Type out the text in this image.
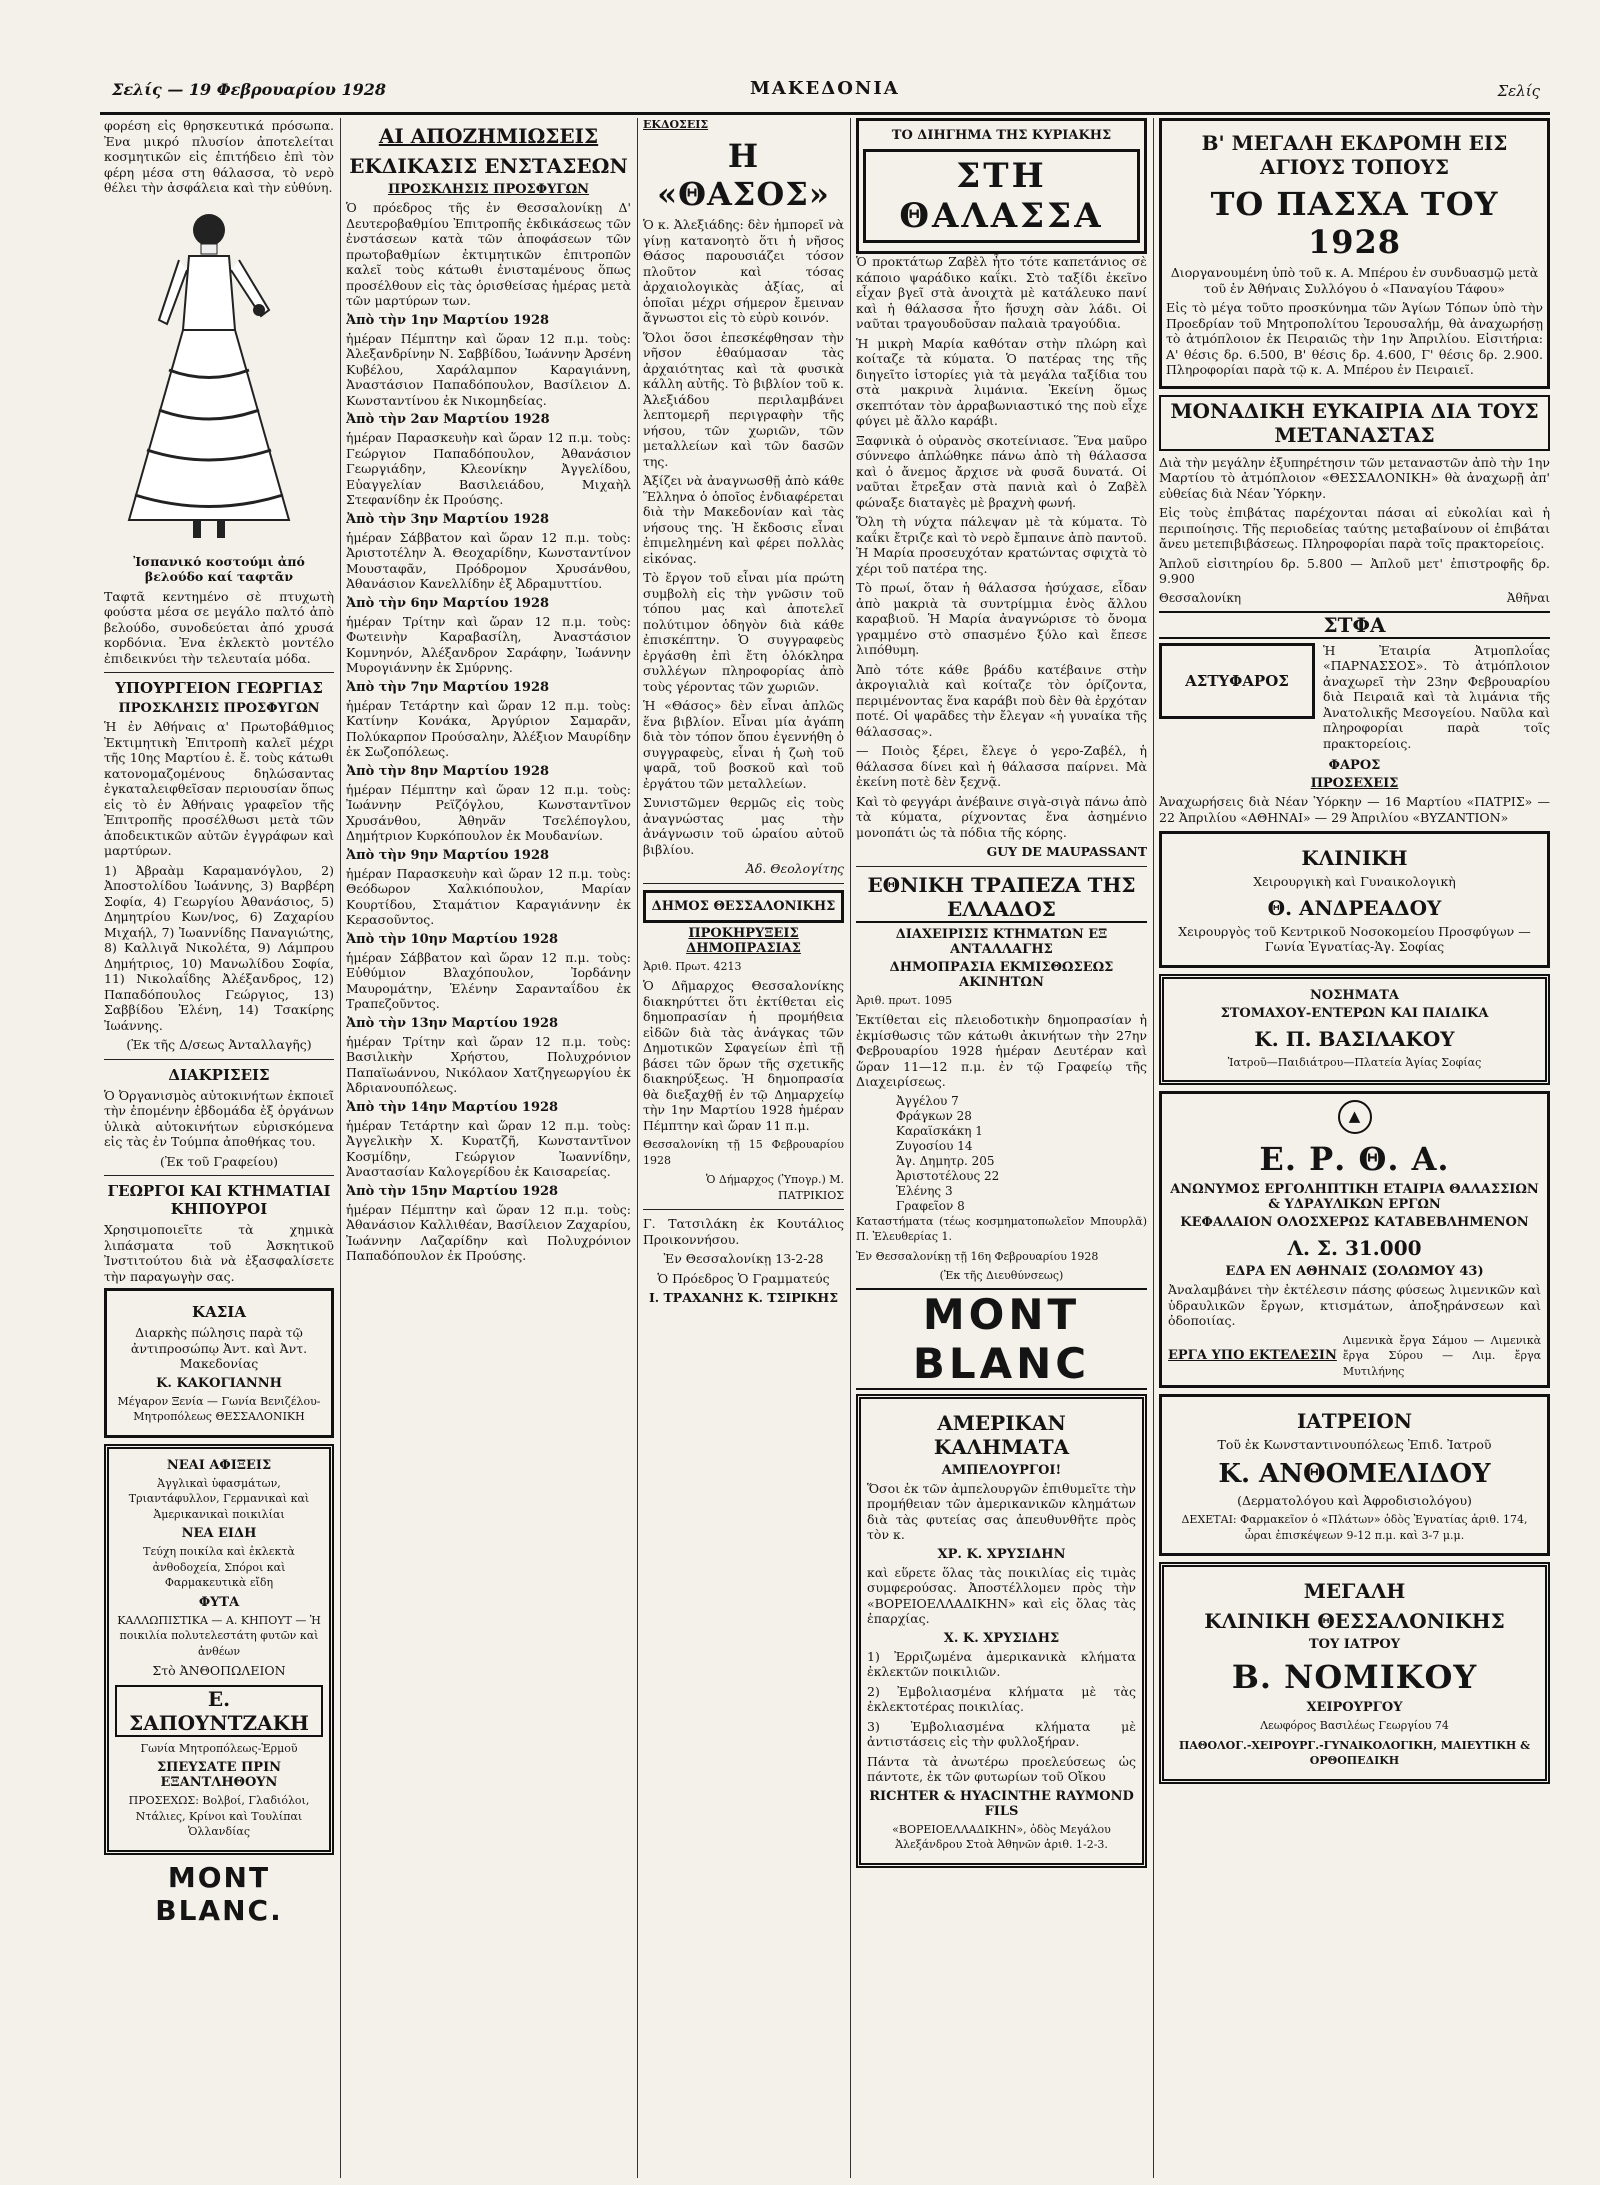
Σελίς — 19 Φεβρουαρίου 1928	ΜΑΚΕΔΟΝΙΑ	Σελίς

φορέση εἰς θρησκευτικά πρόσωπα. Ἐνα μικρό πλυσίον ἀποτελείται κοσμητικῶν εἰς ἐπιτήδειο ἐπὶ τὸν φέρη μέσα στη θάλασσα, τὸ νερὸ θέλει τὴν ἀσφάλεια καὶ τὴν εὐθύνη.

Ἰσπανικό κοστούμι ἀπό βελούδο καί ταφτᾶν

Ταφτᾶ κεντημένο σὲ πτυχωτὴ φούστα μέσα σε μεγάλο παλτό ἀπὸ βελούδο, συνοδεύεται ἀπό χρυσά κορδόνια. Ἐνα ἐκλεκτὸ μοντέλο ἐπιδεικνύει τὴν τελευταία μόδα.

ΥΠΟΥΡΓΕΙΟΝ ΓΕΩΡΓΙΑΣ
ΠΡΟΣΚΛΗΣΙΣ ΠΡΟΣΦΥΓΩΝ

Ἡ ἐν Ἀθήναις α' Πρωτοβάθμιος Ἐκτιμητικὴ Ἐπιτροπὴ καλεῖ μέχρι τῆς 10ης Μαρτίου ἐ. ἔ. τοὺς κάτωθι κατονομαζομένους δηλώσαντας ἐγκαταλειφθεῖσαν περιουσίαν ὅπως εἰς τὸ ἐν Ἀθήναις γραφεῖον τῆς Ἐπιτροπῆς προσέλθωσι μετὰ τῶν ἀποδεικτικῶν αὐτῶν ἐγγράφων καὶ μαρτύρων.

1) Ἀβραὰμ Καραμανόγλου, 2) Ἀποστολίδου Ἰωάννης, 3) Βαρβέρη Σοφία, 4) Γεωργίου Ἀθανάσιος, 5) Δημητρίου Κων/νος, 6) Ζαχαρίου Μιχαήλ, 7) Ἰωαννίδης Παναγιώτης, 8) Καλλιγᾶ Νικολέτα, 9) Λάμπρου Δημήτριος, 10) Μανωλίδου Σοφία, 11) Νικολαΐδης Ἀλέξανδρος, 12) Παπαδόπουλος Γεώργιος, 13) Σαββίδου Ἑλένη, 14) Τσακίρης Ἰωάννης.

(Ἐκ τῆς Δ/σεως Ἀνταλλαγῆς)

ΔΙΑΚΡΙΣΕΙΣ

Ὁ Ὀργανισμὸς αὐτοκινήτων ἐκποιεῖ τὴν ἐπομένην ἐβδομάδα ἐξ ὀργάνων ὑλικὰ αὐτοκινήτων εὑρισκόμενα εἰς τὰς ἐν Τούμπα ἀποθήκας του.

(Ἐκ τοῦ Γραφείου)

ΓΕΩΡΓΟΙ ΚΑΙ ΚΤΗΜΑΤΙΑΙ ΚΗΠΟΥΡΟΙ

Χρησιμοποιεῖτε τὰ χημικὰ λιπάσματα τοῦ Ἀσκητικοῦ Ἰνστιτούτου διὰ νὰ ἐξασφαλίσετε τὴν παραγωγὴν σας.

ΚΑΣΙΑ

Διαρκὴς πώλησις παρὰ τῷ ἀντιπροσώπῳ Ἀντ. καὶ Ἀντ. Μακεδονίας

Κ. ΚΑΚΟΓΙΑΝΝΗ

Μέγαρον Ξενία — Γωνία Βενιζέλου-Μητροπόλεως ΘΕΣΣΑΛΟΝΙΚΗ

ΝΕΑΙ ΑΦΙΞΕΙΣ

Ἀγγλικαὶ ὑφασμάτων, Τριαντάφυλλον, Γερμανικαὶ καὶ Ἀμερικανικαὶ ποικιλίαι

ΝΕΑ ΕΙΔΗ

Τεύχη ποικίλα καὶ ἐκλεκτὰ ἀνθοδοχεία, Σπόροι καὶ Φαρμακευτικὰ εἴδη

ΦΥΤΑ

ΚΑΛΛΩΠΙΣΤΙΚΑ — Α. ΚΗΠΟΥΤ — Ἡ ποικιλία πολυτελεστάτη φυτῶν καὶ ἀνθέων

Στὸ ἈΝΘΟΠΩΛΕΙΟΝ

Ε. ΣΑΠΟΥΝΤΖΑΚΗ

Γωνία Μητροπόλεως-Ἑρμοῦ

ΣΠΕΥΣΑΤΕ ΠΡΙΝ ΕΞΑΝΤΛΗΘΟΥΝ

ΠΡΟΣΕΧΩΣ: Βολβοί, Γλαδιόλοι, Ντάλιες, Κρίνοι καὶ Τουλίπαι Ὁλλανδίας

MONT BLANC.
ΑΙ ΑΠΟΖΗΜΙΩΣΕΙΣ
ΕΚΔΙΚΑΣΙΣ ΕΝΣΤΑΣΕΩΝ
ΠΡΟΣΚΛΗΣΙΣ ΠΡΟΣΦΥΓΩΝ

Ὁ πρόεδρος τῆς ἐν Θεσσαλονίκῃ Δ' Δευτεροβαθμίου Ἐπιτροπῆς ἐκδικάσεως τῶν ἐνστάσεων κατὰ τῶν ἀποφάσεων τῶν πρωτοβαθμίων ἐκτιμητικῶν ἐπιτροπῶν καλεῖ τοὺς κάτωθι ἐνισταμένους ὅπως προσέλθουν εἰς τὰς ὁρισθείσας ἡμέρας μετὰ τῶν μαρτύρων των.

Ἀπὸ τὴν 1ην Μαρτίου 1928

ἡμέραν Πέμπτην καὶ ὥραν 12 π.μ. τοὺς: Ἀλεξανδρίνην Ν. Σαββίδου, Ἰωάννην Ἀρσένη Κυβέλου, Χαράλαμπον Καραγιάννη, Ἀναστάσιον Παπαδόπουλον, Βασίλειον Δ. Κωνσταντίνου ἐκ Νικομηδείας.

Ἀπὸ τὴν 2αν Μαρτίου 1928

ἡμέραν Παρασκευὴν καὶ ὥραν 12 π.μ. τοὺς: Γεώργιον Παπαδόπουλον, Ἀθανάσιον Γεωργιάδην, Κλεονίκην Ἀγγελίδου, Εὐαγγελίαν Βασιλειάδου, Μιχαὴλ Στεφανίδην ἐκ Προύσης.

Ἀπὸ τὴν 3ην Μαρτίου 1928

ἡμέραν Σάββατον καὶ ὥραν 12 π.μ. τοὺς: Ἀριστοτέλην Ἀ. Θεοχαρίδην, Κωνσταντίνον Μουσταφᾶν, Πρόδρομον Χρυσάνθου, Ἀθανάσιον Κανελλίδην ἐξ Ἀδραμυττίου.

Ἀπὸ τὴν 6ην Μαρτίου 1928

ἡμέραν Τρίτην καὶ ὥραν 12 π.μ. τοὺς: Φωτεινὴν Καραβασίλη, Ἀναστάσιον Κομνηνόν, Ἀλέξανδρον Σαράφην, Ἰωάννην Μυρογιάννην ἐκ Σμύρνης.

Ἀπὸ τὴν 7ην Μαρτίου 1928

ἡμέραν Τετάρτην καὶ ὥραν 12 π.μ. τοὺς: Κατίνην Κονάκα, Ἀργύριον Σαμαρᾶν, Πολύκαρπον Προύσαλην, Ἀλέξιον Μαυρίδην ἐκ Σωζοπόλεως.

Ἀπὸ τὴν 8ην Μαρτίου 1928

ἡμέραν Πέμπτην καὶ ὥραν 12 π.μ. τοὺς: Ἰωάννην Ρεϊζόγλου, Κωνσταντῖνον Χρυσάνθου, Ἀθηνᾶν Τσελέπογλου, Δημήτριον Κυρκόπουλον ἐκ Μουδανίων.

Ἀπὸ τὴν 9ην Μαρτίου 1928

ἡμέραν Παρασκευὴν καὶ ὥραν 12 π.μ. τοὺς: Θεόδωρον Χαλκιόπουλον, Μαρίαν Κουρτίδου, Σταμάτιον Καραγιάννην ἐκ Κερασοῦντος.

Ἀπὸ τὴν 10ην Μαρτίου 1928

ἡμέραν Σάββατον καὶ ὥραν 12 π.μ. τοὺς: Εὐθύμιον Βλαχόπουλον, Ἰορδάνην Μαυρομάτην, Ἑλένην Σαρανταΐδου ἐκ Τραπεζοῦντος.

Ἀπὸ τὴν 13ην Μαρτίου 1928

ἡμέραν Τρίτην καὶ ὥραν 12 π.μ. τοὺς: Βασιλικὴν Χρήστου, Πολυχρόνιον Παπαϊωάννου, Νικόλαον Χατζηγεωργίου ἐκ Ἀδριανουπόλεως.

Ἀπὸ τὴν 14ην Μαρτίου 1928

ἡμέραν Τετάρτην καὶ ὥραν 12 π.μ. τοὺς: Ἀγγελικὴν Χ. Κυρατζῆ, Κωνσταντῖνον Κοσμίδην, Γεώργιον Ἰωαννίδην, Ἀναστασίαν Καλογερίδου ἐκ Καισαρείας.

Ἀπὸ τὴν 15ην Μαρτίου 1928

ἡμέραν Πέμπτην καὶ ὥραν 12 π.μ. τοὺς: Ἀθανάσιον Καλλιθέαν, Βασίλειον Ζαχαρίου, Ἰωάννην Λαζαρίδην καὶ Πολυχρόνιον Παπαδόπουλον ἐκ Προύσης.

ΕΚΔΟΣΕΙΣ
Η «ΘΑΣΟΣ»

Ὁ κ. Ἀλεξιάδης: δὲν ἠμπορεῖ νὰ γίνῃ κατανοητὸ ὅτι ἡ νῆσος Θάσος παρουσιάζει τόσον πλοῦτον καὶ τόσας ἀρχαιολογικὰς ἀξίας, αἱ ὁποῖαι μέχρι σήμερον ἔμειναν ἄγνωστοι εἰς τὸ εὐρὺ κοινόν.

Ὅλοι ὅσοι ἐπεσκέφθησαν τὴν νῆσον ἐθαύμασαν τὰς ἀρχαιότητας καὶ τὰ φυσικὰ κάλλη αὐτῆς. Τὸ βιβλίον τοῦ κ. Ἀλεξιάδου περιλαμβάνει λεπτομερῆ περιγραφὴν τῆς νήσου, τῶν χωριῶν, τῶν μεταλλείων καὶ τῶν δασῶν της.

Ἀξίζει νὰ ἀναγνωσθῇ ἀπὸ κάθε Ἕλληνα ὁ ὁποῖος ἐνδιαφέρεται διὰ τὴν Μακεδονίαν καὶ τὰς νήσους της. Ἡ ἔκδοσις εἶναι ἐπιμελημένη καὶ φέρει πολλὰς εἰκόνας.

Τὸ ἔργον τοῦ εἶναι μία πρώτη συμβολὴ εἰς τὴν γνῶσιν τοῦ τόπου μας καὶ ἀποτελεῖ πολύτιμον ὁδηγὸν διὰ κάθε ἐπισκέπτην. Ὁ συγγραφεὺς ἐργάσθη ἐπὶ ἔτη ὁλόκληρα συλλέγων πληροφορίας ἀπὸ τοὺς γέροντας τῶν χωριῶν.

Ἡ «Θάσος» δὲν εἶναι ἁπλῶς ἕνα βιβλίον. Εἶναι μία ἀγάπη διὰ τὸν τόπον ὅπου ἐγεννήθη ὁ συγγραφεὺς, εἶναι ἡ ζωὴ τοῦ ψαρᾶ, τοῦ βοσκοῦ καὶ τοῦ ἐργάτου τῶν μεταλλείων.

Συνιστῶμεν θερμῶς εἰς τοὺς ἀναγνώστας μας τὴν ἀνάγνωσιν τοῦ ὡραίου αὐτοῦ βιβλίου.

Ἀδ. Θεολογίτης

ΔΗΜΟΣ ΘΕΣΣΑΛΟΝΙΚΗΣ
ΠΡΟΚΗΡΥΞΕΙΣ ΔΗΜΟΠΡΑΣΙΑΣ

Ἀριθ. Πρωτ. 4213

Ὁ Δῆμαρχος Θεσσαλονίκης διακηρύττει ὅτι ἐκτίθεται εἰς δημοπρασίαν ἡ προμήθεια εἰδῶν διὰ τὰς ἀνάγκας τῶν Δημοτικῶν Σφαγείων ἐπὶ τῇ βάσει τῶν ὅρων τῆς σχετικῆς διακηρύξεως. Ἡ δημοπρασία θὰ διεξαχθῇ ἐν τῷ Δημαρχείῳ τὴν 1ην Μαρτίου 1928 ἡμέραν Πέμπτην καὶ ὥραν 11 π.μ.

Θεσσαλονίκη τῇ 15 Φεβρουαρίου 1928

Ὁ Δήμαρχος (Ὑπογρ.) Μ. ΠΑΤΡΙΚΙΟΣ

Γ. Τατσιλάκη ἐκ Κουτάλιος Προικοννήσου.

Ἐν Θεσσαλονίκῃ 13-2-28

Ὁ Πρόεδρος Ὁ Γραμματεύς

Ι. ΤΡΑΧΑΝΗΣ Κ. ΤΣΙΡΙΚΗΣ

ΤΟ ΔΙΗΓΗΜΑ ΤΗΣ ΚΥΡΙΑΚΗΣ
ΣΤΗ ΘΑΛΑΣΣΑ

Ὁ προκτάτωρ Ζαβὲλ ἦτο τότε καπετάνιος σὲ κάποιο ψαράδικο καΐκι. Στὸ ταξίδι ἐκεῖνο εἶχαν βγεῖ στὰ ἀνοιχτὰ μὲ κατάλευκο πανί καὶ ἡ θάλασσα ἦτο ἥσυχη σὰν λάδι. Οἱ ναῦται τραγουδοῦσαν παλαιὰ τραγούδια.

Ἡ μικρὴ Μαρία καθόταν στὴν πλώρη καὶ κοίταζε τὰ κύματα. Ὁ πατέρας της τῆς διηγεῖτο ἱστορίες γιὰ τὰ μεγάλα ταξίδια του στὰ μακρινὰ λιμάνια. Ἐκείνη ὅμως σκεπτόταν τὸν ἀρραβωνιαστικό της ποὺ εἶχε φύγει μὲ ἄλλο καράβι.

Ξαφνικὰ ὁ οὐρανὸς σκοτείνιασε. Ἕνα μαῦρο σύννεφο ἁπλώθηκε πάνω ἀπὸ τὴ θάλασσα καὶ ὁ ἄνεμος ἄρχισε νὰ φυσᾶ δυνατά. Οἱ ναῦται ἔτρεξαν στὰ πανιὰ καὶ ὁ Ζαβὲλ φώναξε διαταγὲς μὲ βραχνὴ φωνή.

Ὅλη τὴ νύχτα πάλεψαν μὲ τὰ κύματα. Τὸ καΐκι ἔτριζε καὶ τὸ νερὸ ἔμπαινε ἀπὸ παντοῦ. Ἡ Μαρία προσευχόταν κρατώντας σφιχτὰ τὸ χέρι τοῦ πατέρα της.

Τὸ πρωί, ὅταν ἡ θάλασσα ἡσύχασε, εἶδαν ἀπὸ μακριὰ τὰ συντρίμμια ἑνὸς ἄλλου καραβιοῦ. Ἡ Μαρία ἀναγνώρισε τὸ ὄνομα γραμμένο στὸ σπασμένο ξύλο καὶ ἔπεσε λιπόθυμη.

Ἀπὸ τότε κάθε βράδυ κατέβαινε στὴν ἀκρογιαλιὰ καὶ κοίταζε τὸν ὁρίζοντα, περιμένοντας ἕνα καράβι ποὺ δὲν θὰ ἐρχόταν ποτέ. Οἱ ψαρᾶδες τὴν ἔλεγαν «ἡ γυναίκα τῆς θάλασσας».

— Ποιὸς ξέρει, ἔλεγε ὁ γερο-Ζαβέλ, ἡ θάλασσα δίνει καὶ ἡ θάλασσα παίρνει. Μὰ ἐκείνη ποτὲ δὲν ξεχνᾷ.

Καὶ τὸ φεγγάρι ἀνέβαινε σιγὰ-σιγὰ πάνω ἀπὸ τὰ κύματα, ρίχνοντας ἕνα ἀσημένιο μονοπάτι ὡς τὰ πόδια τῆς κόρης.

GUY DE MAUPASSANT

ΕΘΝΙΚΗ ΤΡΑΠΕΖΑ ΤΗΣ ΕΛΛΑΔΟΣ
ΔΙΑΧΕΙΡΙΣΙΣ ΚΤΗΜΑΤΩΝ ΕΞ ΑΝΤΑΛΛΑΓΗΣ
ΔΗΜΟΠΡΑΣΙΑ ΕΚΜΙΣΘΩΣΕΩΣ ΑΚΙΝΗΤΩΝ

Ἀριθ. πρωτ. 1095

Ἐκτίθεται εἰς πλειοδοτικὴν δημοπρασίαν ἡ ἐκμίσθωσις τῶν κάτωθι ἀκινήτων τὴν 27ην Φεβρουαρίου 1928 ἡμέραν Δευτέραν καὶ ὥραν 11—12 π.μ. ἐν τῷ Γραφείῳ τῆς Διαχειρίσεως.

Ἀγγέλου 7
Φράγκων 28
Καραϊσκάκη 1
Ζυγοσίου 14
Ἁγ. Δημητρ. 205
Ἀριστοτέλους 22
Ἑλένης 3
Γραφεῖον 8

Καταστήματα (τέως κοσμηματοπωλεῖον Μπουρλᾶ) Π. Ἐλευθερίας 1.

Ἐν Θεσσαλονίκῃ τῇ 16η Φεβρουαρίου 1928

(Ἐκ τῆς Διευθύνσεως)

MONT BLANC
ΑΜΕΡΙΚΑΝ ΚΑΛΗΜΑΤΑ
ΑΜΠΕΛΟΥΡΓΟΙ!

Ὅσοι ἐκ τῶν ἀμπελουργῶν ἐπιθυμεῖτε τὴν προμήθειαν τῶν ἀμερικανικῶν κλημάτων διὰ τὰς φυτείας σας ἀπευθυνθῆτε πρὸς τὸν κ.

ΧΡ. Κ. ΧΡΥΣΙΔΗΝ

καὶ εὕρετε ὅλας τὰς ποικιλίας εἰς τιμὰς συμφερούσας. Ἀποστέλλομεν πρὸς τὴν «ΒΟΡΕΙΟΕΛΛΑΔΙΚΗΝ» καὶ εἰς ὅλας τὰς ἐπαρχίας.

Χ. Κ. ΧΡΥΣΙΔΗΣ

1) Ἐρριζωμένα ἀμερικανικὰ κλήματα ἐκλεκτῶν ποικιλιῶν.

2) Ἐμβολιασμένα κλήματα μὲ τὰς ἐκλεκτοτέρας ποικιλίας.

3) Ἐμβολιασμένα κλήματα μὲ ἀντιστάσεις εἰς τὴν φυλλοξήραν.

Πάντα τὰ ἀνωτέρω προελεύσεως ὡς πάντοτε, ἐκ τῶν φυτωρίων τοῦ Οἴκου

RICHTER & HYACINTHE RAYMOND FILS

«ΒΟΡΕΙΟΕΛΛΑΔΙΚΗΝ», ὁδὸς Μεγάλου Ἀλεξάνδρου Στοὰ Ἀθηνῶν ἀριθ. 1-2-3.

Β' ΜΕΓΑΛΗ ΕΚΔΡΟΜΗ ΕΙΣ ΑΓΙΟΥΣ ΤΟΠΟΥΣ
ΤΟ ΠΑΣΧΑ ΤΟΥ 1928

Διοργανουμένη ὑπὸ τοῦ κ. Α. Μπέρου ἐν συνδυασμῷ μετὰ τοῦ ἐν Ἀθήναις Συλλόγου ὁ «Παναγίου Τάφου»

Εἰς τὸ μέγα τοῦτο προσκύνημα τῶν Ἁγίων Τόπων ὑπὸ τὴν Προεδρίαν τοῦ Μητροπολίτου Ἱερουσαλήμ, θὰ ἀναχωρήσῃ τὸ ἀτμόπλοιον ἐκ Πειραιῶς τὴν 1ην Ἀπριλίου. Εἰσιτήρια: Α' θέσις δρ. 6.500, Β' θέσις δρ. 4.600, Γ' θέσις δρ. 2.900. Πληροφορίαι παρὰ τῷ κ. Α. Μπέρου ἐν Πειραιεῖ.

ΜΟΝΑΔΙΚΗ ΕΥΚΑΙΡΙΑ ΔΙΑ ΤΟΥΣ ΜΕΤΑΝΑΣΤΑΣ

Διὰ τὴν μεγάλην ἐξυπηρέτησιν τῶν μεταναστῶν ἀπὸ τὴν 1ην Μαρτίου τὸ ἀτμόπλοιον «ΘΕΣΣΑΛΟΝΙΚΗ» θὰ ἀναχωρῇ ἀπ' εὐθείας διὰ Νέαν Ὑόρκην.

Εἰς τοὺς ἐπιβάτας παρέχονται πάσαι αἱ εὐκολίαι καὶ ἡ περιποίησις. Τῆς περιοδείας ταύτης μεταβαίνουν οἱ ἐπιβάται ἄνευ μετεπιβιβάσεως. Πληροφορίαι παρὰ τοῖς πρακτορείοις.

Ἁπλοῦ εἰσιτηρίου δρ. 5.800 — Ἀπλοῦ μετ' ἐπιστροφῆς δρ. 9.900

Θεσσαλονίκη	Ἀθῆναι
ΣΤΦΑ
ΑΣΤΥΦΑΡΟΣ

Ἡ Ἐταιρία Ἀτμοπλοΐας «ΠΑΡΝΑΣΣΟΣ». Τὸ ἀτμόπλοιον ἀναχωρεῖ τὴν 23ην Φεβρουαρίου διὰ Πειραιᾶ καὶ τὰ λιμάνια τῆς Ἀνατολικῆς Μεσογείου. Ναῦλα καὶ πληροφορίαι παρὰ τοῖς πρακτορείοις.

ΦΑΡΟΣ
ΠΡΟΣΕΧΕΙΣ

Ἀναχωρήσεις διὰ Νέαν Ὑόρκην — 16 Μαρτίου «ΠΑΤΡΙΣ» — 22 Ἀπριλίου «ΑΘΗΝΑΙ» — 29 Ἀπριλίου «ΒΥΖΑΝΤΙΟΝ»

ΚΛΙΝΙΚΗ

Χειρουργικὴ καὶ Γυναικολογικὴ

Θ. ΑΝΔΡΕΑΔΟΥ

Χειρουργὸς τοῦ Κεντρικοῦ Νοσοκομείου Προσφύγων — Γωνία Ἐγνατίας-Ἁγ. Σοφίας

ΝΟΣΗΜΑΤΑ
ΣΤΟΜΑΧΟΥ-ΕΝΤΕΡΩΝ ΚΑΙ ΠΑΙΔΙΚΑ
Κ. Π. ΒΑΣΙΛΑΚΟΥ

Ἰατροῦ—Παιδιάτρου—Πλατεία Ἁγίας Σοφίας

▲
Ε. Ρ. Θ. Α.
ΑΝΩΝΥΜΟΣ ΕΡΓΟΛΗΠΤΙΚΗ ΕΤΑΙΡΙΑ ΘΑΛΑΣΣΙΩΝ & ΥΔΡΑΥΛΙΚΩΝ ΕΡΓΩΝ
ΚΕΦΑΛΑΙΟΝ ΟΛΟΣΧΕΡΩΣ ΚΑΤΑΒΕΒΛΗΜΕΝΟΝ
Λ. Σ. 31.000
ΕΔΡΑ ΕΝ ΑΘΗΝΑΙΣ (ΣΟΛΩΜΟΥ 43)

Ἀναλαμβάνει τὴν ἐκτέλεσιν πάσης φύσεως λιμενικῶν καὶ ὑδραυλικῶν ἔργων, κτισμάτων, ἀποξηράνσεων καὶ ὀδοποιίας.

ΕΡΓΑ ΥΠΟ ΕΚΤΕΛΕΣΙΝ

Λιμενικὰ ἔργα Σάμου — Λιμενικὰ ἔργα Σύρου — Λιμ. ἔργα Μυτιλήνης

ΙΑΤΡΕΙΟΝ

Τοῦ ἐκ Κωνσταντινουπόλεως Ἐπιδ. Ἰατροῦ

Κ. ΑΝΘΟΜΕΛΙΔΟΥ

(Δερματολόγου καὶ Ἀφροδισιολόγου)

ΔΕΧΕΤΑΙ: Φαρμακεῖον ὁ «Πλάτων» ὁδὸς Ἐγνατίας ἀριθ. 174, ὧραι ἐπισκέψεων 9-12 π.μ. καὶ 3-7 μ.μ.

ΜΕΓΑΛΗ
ΚΛΙΝΙΚΗ ΘΕΣΣΑΛΟΝΙΚΗΣ
ΤΟΥ ΙΑΤΡΟΥ
Β. ΝΟΜΙΚΟΥ
ΧΕΙΡΟΥΡΓΟΥ

Λεωφόρος Βασιλέως Γεωργίου 74

ΠΑΘΟΛΟΓ.-ΧΕΙΡΟΥΡΓ.-ΓΥΝΑΙΚΟΛΟΓΙΚΗ, ΜΑΙΕΥΤΙΚΗ & ΟΡΘΟΠΕΔΙΚΗ
